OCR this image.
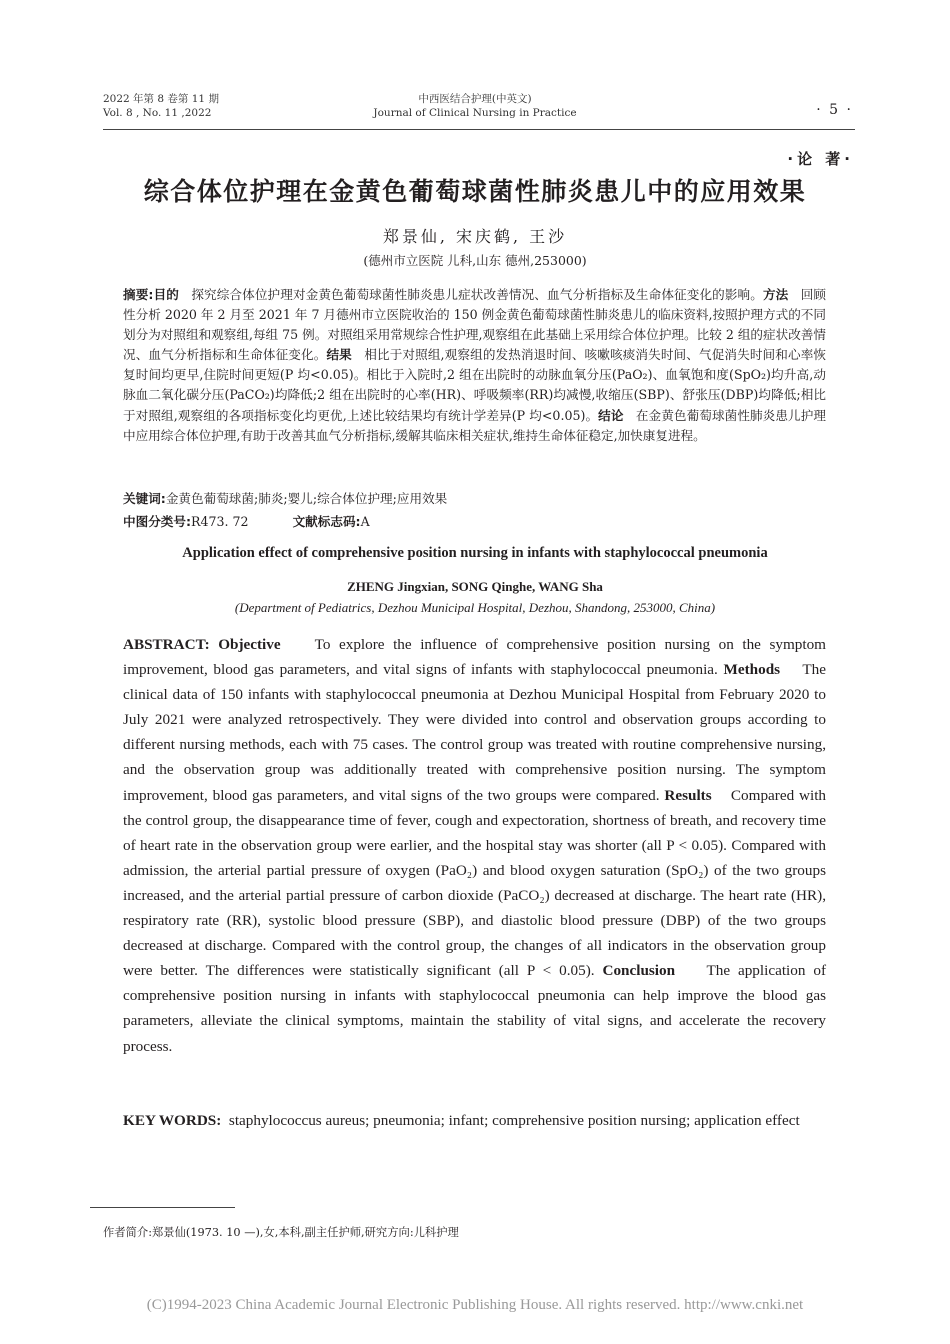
2022 年第 8 卷第 11 期
Vol. 8 , No. 11 ,2022
中西医结合护理(中英文)
Journal of Clinical Nursing in Practice	· 5 ·
·论 著·
综合体位护理在金黄色葡萄球菌性肺炎患儿中的应用效果
郑景仙, 宋庆鹤, 王沙
(德州市立医院 儿科,山东 德州,253000)
摘要:目的 探究综合体位护理对金黄色葡萄球菌性肺炎患儿症状改善情况、血气分析指标及生命体征变化的影响。方法 回顾性分析 2020 年 2 月至 2021 年 7 月德州市立医院收治的 150 例金黄色葡萄球菌性肺炎患儿的临床资料,按照护理方式的不同划分为对照组和观察组,每组 75 例。对照组采用常规综合性护理,观察组在此基础上采用综合体位护理。比较 2 组的症状改善情况、血气分析指标和生命体征变化。结果 相比于对照组,观察组的发热消退时间、咳嗽咳痰消失时间、气促消失时间和心率恢复时间均更早,住院时间更短(P 均<0.05)。相比于入院时,2 组在出院时的动脉血氧分压(PaO₂)、血氧饱和度(SpO₂)均升高,动脉血二氧化碳分压(PaCO₂)均降低;2 组在出院时的心率(HR)、呼吸频率(RR)均减慢,收缩压(SBP)、舒张压(DBP)均降低;相比于对照组,观察组的各项指标变化均更优,上述比较结果均有统计学差异(P 均<0.05)。结论 在金黄色葡萄球菌性肺炎患儿护理中应用综合体位护理,有助于改善其血气分析指标,缓解其临床相关症状,维持生命体征稳定,加快康复进程。
关键词:金黄色葡萄球菌;肺炎;婴儿;综合体位护理;应用效果
中图分类号:R473. 72	文献标志码:A
Application effect of comprehensive position nursing in infants with staphylococcal pneumonia
ZHENG Jingxian, SONG Qinghe, WANG Sha
(Department of Pediatrics, Dezhou Municipal Hospital, Dezhou, Shandong, 253000, China)
ABSTRACT: Objective To explore the influence of comprehensive position nursing on the symptom improvement, blood gas parameters, and vital signs of infants with staphylococcal pneumonia. Methods The clinical data of 150 infants with staphylococcal pneumonia at Dezhou Municipal Hospital from February 2020 to July 2021 were analyzed retrospectively. They were divided into control and observation groups according to different nursing methods, each with 75 cases. The control group was treated with routine comprehensive nursing, and the observation group was additionally treated with comprehensive position nursing. The symptom improvement, blood gas parameters, and vital signs of the two groups were compared. Results Compared with the control group, the disappearance time of fever, cough and expectoration, shortness of breath, and recovery time of heart rate in the observation group were earlier, and the hospital stay was shorter (all P < 0.05). Compared with admission, the arterial partial pressure of oxygen (PaO₂) and blood oxygen saturation (SpO₂) of the two groups increased, and the arterial partial pressure of carbon dioxide (PaCO₂) decreased at discharge. The heart rate (HR), respiratory rate (RR), systolic blood pressure (SBP), and diastolic blood pressure (DBP) of the two groups decreased at discharge. Compared with the control group, the changes of all indicators in the observation group were better. The differences were statistically significant (all P < 0.05). Conclusion The application of comprehensive position nursing in infants with staphylococcal pneumonia can help improve the blood gas parameters, alleviate the clinical symptoms, maintain the stability of vital signs, and accelerate the recovery process.
KEY WORDS: staphylococcus aureus; pneumonia; infant; comprehensive position nursing; application effect
作者简介:郑景仙(1973. 10 —),女,本科,副主任护师,研究方向:儿科护理
(C)1994-2023 China Academic Journal Electronic Publishing House. All rights reserved. http://www.cnki.net
